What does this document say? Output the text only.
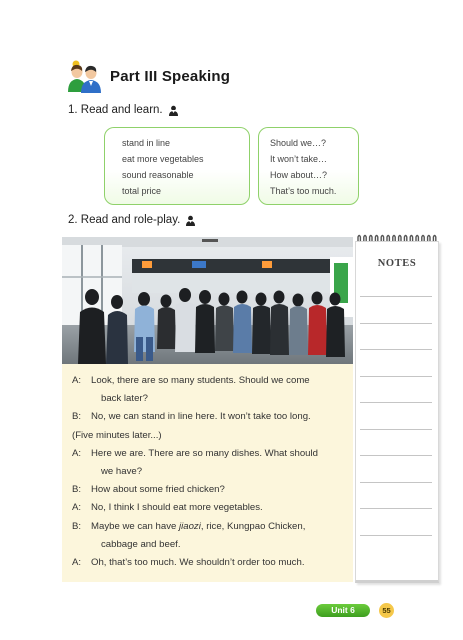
Part III Speaking
1. Read and learn.
stand in line
eat more vegetables
sound reasonable
total price
Should we…?
It won’t take…
How about…?
That’s too much.
2. Read and role-play.
A:	Look, there are so many students. Should we come
back later?
B:	No, we can stand in line here. It won’t take too long.
(Five minutes later...)
A:	Here we are. There are so many dishes. What should
we have?
B:	How about some fried chicken?
A:	No, I think I should eat more vegetables.
B:	Maybe we can have jiaozi, rice, Kungpao Chicken,
cabbage and beef.
A:	Oh, that’s too much. We shouldn’t order too much.
NOTES
Unit 6	55
